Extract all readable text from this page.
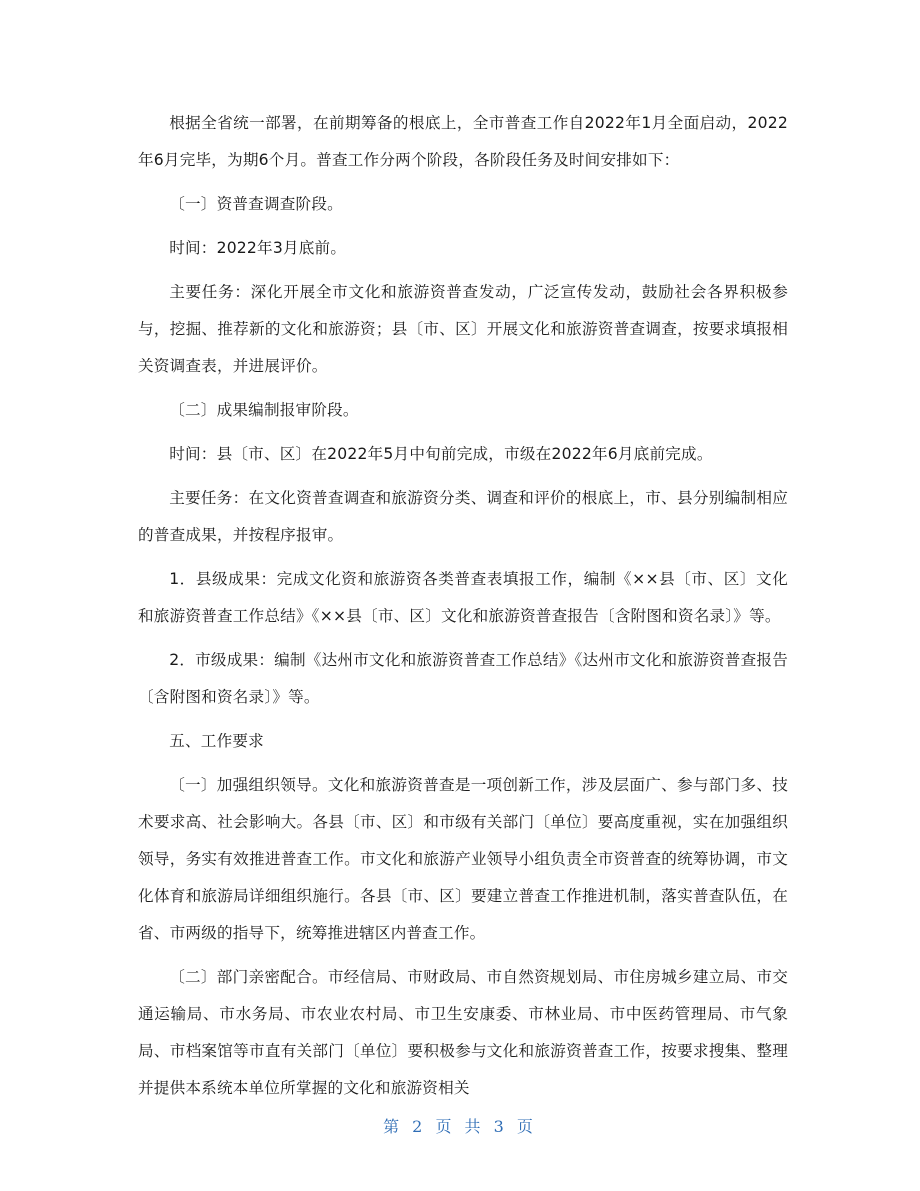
根据全省统一部署，在前期筹备的根底上，全市普查工作自2022年1月全面启动，2022年6月完毕，为期6个月。普查工作分两个阶段，各阶段任务及时间安排如下：

〔一〕资普查调查阶段。

时间：2022年3月底前。

主要任务：深化开展全市文化和旅游资普查发动，广泛宣传发动，鼓励社会各界积极参与，挖掘、推荐新的文化和旅游资；县〔市、区〕开展文化和旅游资普查调查，按要求填报相关资调查表，并进展评价。

〔二〕成果编制报审阶段。

时间：县〔市、区〕在2022年5月中旬前完成，市级在2022年6月底前完成。

主要任务：在文化资普查调查和旅游资分类、调查和评价的根底上，市、县分别编制相应的普查成果，并按程序报审。

1．县级成果：完成文化资和旅游资各类普查表填报工作，编制《××县〔市、区〕文化和旅游资普查工作总结》《××县〔市、区〕文化和旅游资普查报告〔含附图和资名录〕》等。

2．市级成果：编制《达州市文化和旅游资普查工作总结》《达州市文化和旅游资普查报告〔含附图和资名录〕》等。

五、工作要求

〔一〕加强组织领导。文化和旅游资普查是一项创新工作，涉及层面广、参与部门多、技术要求高、社会影响大。各县〔市、区〕和市级有关部门〔单位〕要高度重视，实在加强组织领导，务实有效推进普查工作。市文化和旅游产业领导小组负责全市资普查的统筹协调，市文化体育和旅游局详细组织施行。各县〔市、区〕要建立普查工作推进机制，落实普查队伍，在省、市两级的指导下，统筹推进辖区内普查工作。

〔二〕部门亲密配合。市经信局、市财政局、市自然资规划局、市住房城乡建立局、市交通运输局、市水务局、市农业农村局、市卫生安康委、市林业局、市中医药管理局、市气象局、市档案馆等市直有关部门〔单位〕要积极参与文化和旅游资普查工作，按要求搜集、整理并提供本系统本单位所掌握的文化和旅游资相关

第 2 页 共 3 页
